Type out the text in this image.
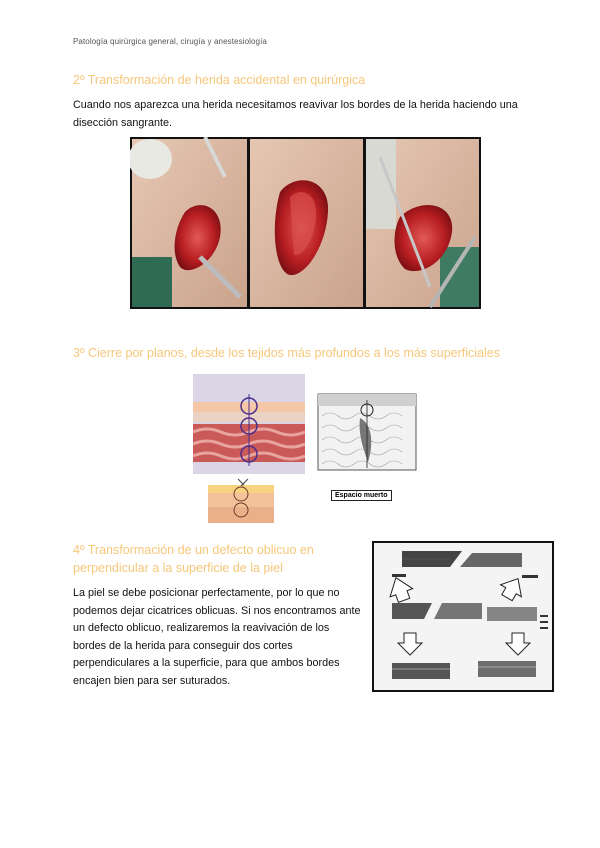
Patología quirúrgica general, cirugía y anestesiología
2º Transformación de herida accidental en quirúrgica

Cuando nos aparezca una herida necesitamos reavivar los bordes de la herida haciendo una disección sangrante.

3º Cierre por planos, desde los tejidos más profundos a los más superficiales
Espacio muerto
4º Transformación de un defecto oblicuo en
perpendicular a la superficie de la piel
La piel se debe posicionar perfectamente, por lo que no
podemos dejar cicatrices oblicuas. Si nos encontramos ante
un defecto oblicuo, realizaremos la reavivación de los
bordes de la herida para conseguir dos cortes
perpendiculares a la superficie, para que ambos bordes
encajen bien para ser suturados.
